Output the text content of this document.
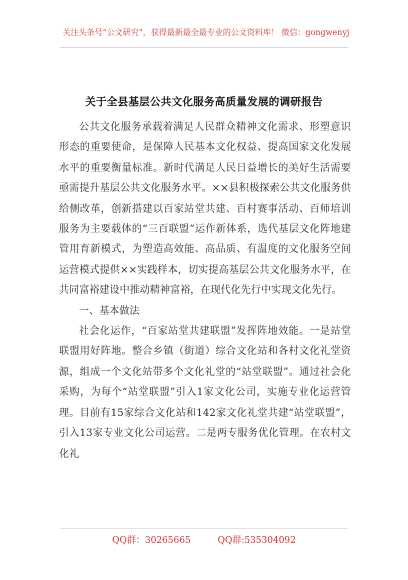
关注头条号“公文研究”，获得最新最全最专业的公文资料库！ 微信：gongwenyj
关于全县基层公共文化服务高质量发展的调研报告

公共文化服务承载着满足人民群众精神文化需求、形塑意识形态的重要使命，是保障人民基本文化权益、提高国家文化发展水平的重要衡量标准。新时代满足人民日益增长的美好生活需要亟需提升基层公共文化服务水平。××县积极探索公共文化服务供给侧改革，创新搭建以百家站堂共建、百村赛事活动、百师培训服务为主要载体的“三百联盟”运作新体系，选代基层文化阵地建管用育新模式，为塑造高效能、高品质、有温度的文化服务空间运营模式提供××实践样本，切实提高基层公共文化服务水平，在共同富裕建设中推动精神富裕，在现代化先行中实现文化先行。

一、基本做法

社会化运作，“百家站堂共建联盟”发挥阵地效能。一是站堂联盟用好阵地。整合乡镇（街道）综合文化站和各村文化礼堂资源，组成一个文化站带多个文化礼堂的“站堂联盟”。通过社会化采购，为每个“站堂联盟”引入1家文化公司，实施专业化运营管理。目前有15家综合文化站和142家文化礼堂共建“站堂联盟”，引入13家专业文化公司运营。二是两专服务优化管理。在农村文化礼

QQ群：30265665	QQ群:535304092
